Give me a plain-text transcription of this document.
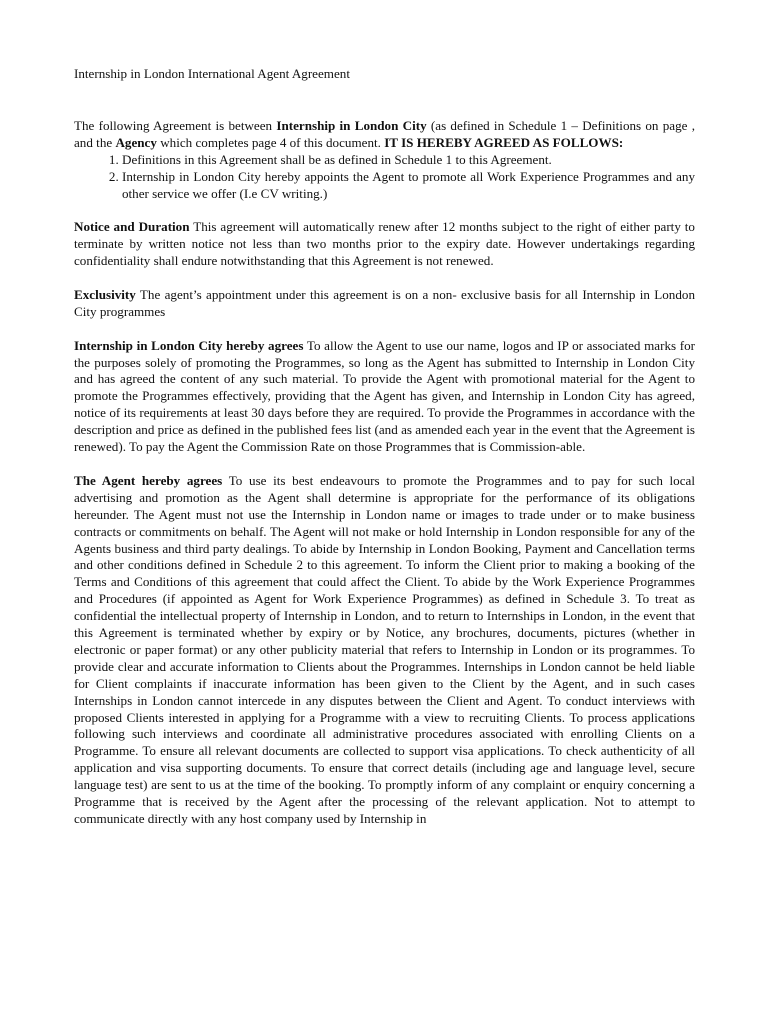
Internship in London International Agent Agreement

The following Agreement is between Internship in London City (as defined in Schedule 1 – Definitions on page , and the Agency which completes page 4 of this document. IT IS HEREBY AGREED AS FOLLOWS:

1. Definitions in this Agreement shall be as defined in Schedule 1 to this Agreement.
2. Internship in London City hereby appoints the Agent to promote all Work Experience Programmes and any other service we offer (I.e CV writing.)

Notice and Duration This agreement will automatically renew after 12 months subject to the right of either party to terminate by written notice not less than two months prior to the expiry date. However undertakings regarding confidentiality shall endure notwithstanding that this Agreement is not renewed.

Exclusivity The agent’s appointment under this agreement is on a non- exclusive basis for all Internship in London City programmes

Internship in London City hereby agrees To allow the Agent to use our name, logos and IP or associated marks for the purposes solely of promoting the Programmes, so long as the Agent has submitted to Internship in London City and has agreed the content of any such material. To provide the Agent with promotional material for the Agent to promote the Programmes effectively, providing that the Agent has given, and Internship in London City has agreed, notice of its requirements at least 30 days before they are required. To provide the Programmes in accordance with the description and price as defined in the published fees list (and as amended each year in the event that the Agreement is renewed). To pay the Agent the Commission Rate on those Programmes that is Commission-able.

The Agent hereby agrees To use its best endeavours to promote the Programmes and to pay for such local advertising and promotion as the Agent shall determine is appropriate for the performance of its obligations hereunder. The Agent must not use the Internship in London name or images to trade under or to make business contracts or commitments on behalf. The Agent will not make or hold Internship in London responsible for any of the Agents business and third party dealings. To abide by Internship in London Booking, Payment and Cancellation terms and other conditions defined in Schedule 2 to this agreement. To inform the Client prior to making a booking of the Terms and Conditions of this agreement that could affect the Client. To abide by the Work Experience Programmes and Procedures (if appointed as Agent for Work Experience Programmes) as defined in Schedule 3. To treat as confidential the intellectual property of Internship in London, and to return to Internships in London, in the event that this Agreement is terminated whether by expiry or by Notice, any brochures, documents, pictures (whether in electronic or paper format) or any other publicity material that refers to Internship in London or its programmes. To provide clear and accurate information to Clients about the Programmes. Internships in London cannot be held liable for Client complaints if inaccurate information has been given to the Client by the Agent, and in such cases Internships in London cannot intercede in any disputes between the Client and Agent. To conduct interviews with proposed Clients interested in applying for a Programme with a view to recruiting Clients. To process applications following such interviews and coordinate all administrative procedures associated with enrolling Clients on a Programme. To ensure all relevant documents are collected to support visa applications. To check authenticity of all application and visa supporting documents. To ensure that correct details (including age and language level, secure language test) are sent to us at the time of the booking. To promptly inform of any complaint or enquiry concerning a Programme that is received by the Agent after the processing of the relevant application. Not to attempt to communicate directly with any host company used by Internship in
